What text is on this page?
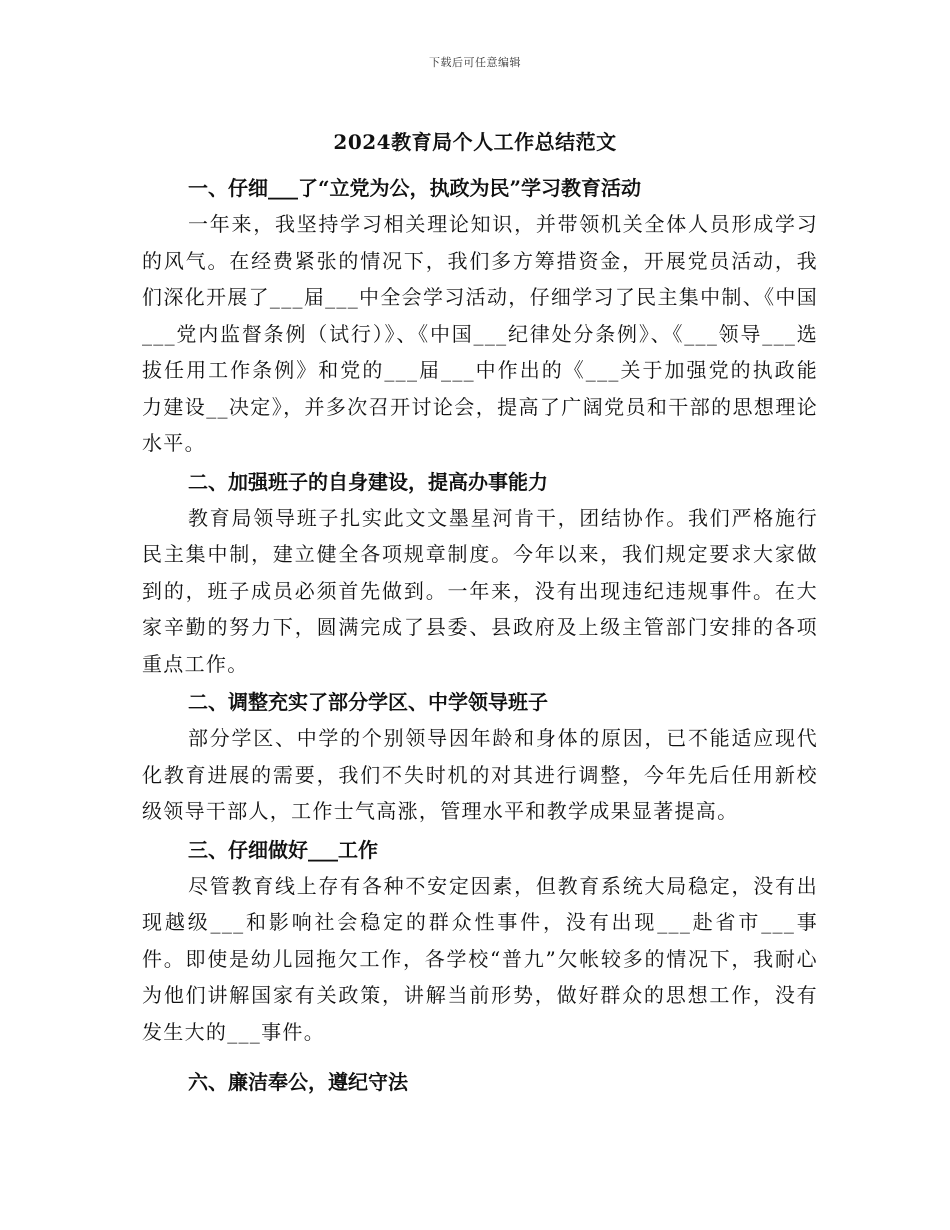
下载后可任意编辑
2024教育局个人工作总结范文

一、仔细___了“立党为公，执政为民”学习教育活动

一年来，我坚持学习相关理论知识，并带领机关全体人员形成学习的风气。在经费紧张的情况下，我们多方筹措资金，开展党员活动，我们深化开展了___届___中全会学习活动，仔细学习了民主集中制、《中国___党内监督条例（试行）》、《中国___纪律处分条例》、《___领导___选拔任用工作条例》和党的___届___中作出的《___关于加强党的执政能力建设__决定》，并多次召开讨论会，提高了广阔党员和干部的思想理论水平。

二、加强班子的自身建设，提高办事能力

教育局领导班子扎实此文文墨星河肯干，团结协作。我们严格施行民主集中制，建立健全各项规章制度。今年以来，我们规定要求大家做到的，班子成员必须首先做到。一年来，没有出现违纪违规事件。在大家辛勤的努力下，圆满完成了县委、县政府及上级主管部门安排的各项重点工作。

二、调整充实了部分学区、中学领导班子

部分学区、中学的个别领导因年龄和身体的原因，已不能适应现代化教育进展的需要，我们不失时机的对其进行调整，今年先后任用新校级领导干部人，工作士气高涨，管理水平和教学成果显著提高。

三、仔细做好___工作

尽管教育线上存有各种不安定因素，但教育系统大局稳定，没有出现越级___和影响社会稳定的群众性事件，没有出现___赴省市___事件。即使是幼儿园拖欠工作，各学校“普九”欠帐较多的情况下，我耐心为他们讲解国家有关政策，讲解当前形势，做好群众的思想工作，没有发生大的___事件。

六、廉洁奉公，遵纪守法
